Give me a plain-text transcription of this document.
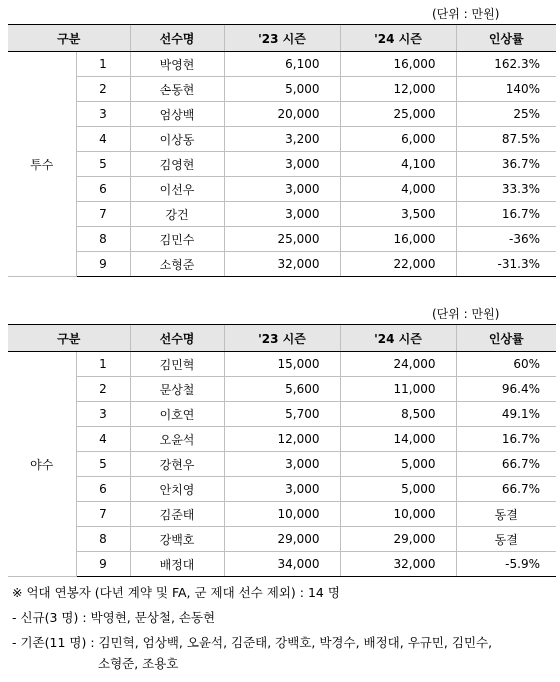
(단위 : 만원)
구분		선수명	'23 시즌	'24 시즌	인상률
투수	1	박영현	6,100	16,000	162.3%
	2	손동현	5,000	12,000	140%
	3	엄상백	20,000	25,000	25%
	4	이상동	3,200	6,000	87.5%
	5	김영현	3,000	4,100	36.7%
	6	이선우	3,000	4,000	33.3%
	7	강건	3,000	3,500	16.7%
	8	김민수	25,000	16,000	-36%
	9	소형준	32,000	22,000	-31.3%
(단위 : 만원)
구분		선수명	'23 시즌	'24 시즌	인상률
야수	1	김민혁	15,000	24,000	60%
	2	문상철	5,600	11,000	96.4%
	3	이호연	5,700	8,500	49.1%
	4	오윤석	12,000	14,000	16.7%
	5	강현우	3,000	5,000	66.7%
	6	안치영	3,000	5,000	66.7%
	7	김준태	10,000	10,000	동결
	8	강백호	29,000	29,000	동결
	9	배정대	34,000	32,000	-5.9%
※ 억대 연봉자 (다년 계약 및 FA, 군 제대 선수 제외) : 14 명
- 신규(3 명) : 박영현, 문상철, 손동현
- 기존(11 명) : 김민혁, 엄상백, 오윤석, 김준태, 강백호, 박경수, 배정대, 우규민, 김민수,
소형준, 조용호
